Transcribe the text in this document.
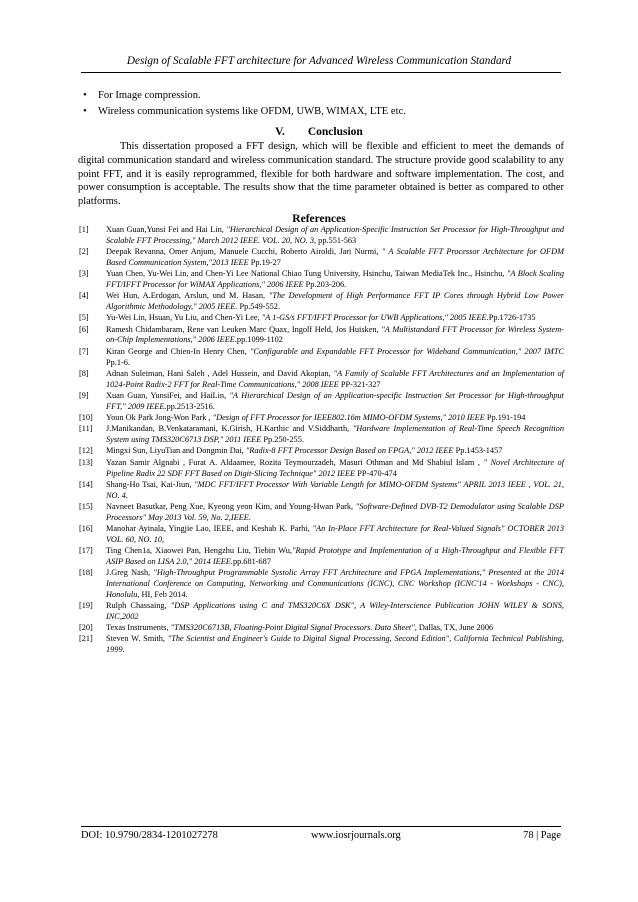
Design of Scalable FFT architecture for Advanced Wireless Communication Standard
• For Image compression.
• Wireless communication systems like OFDM, UWB, WIMAX, LTE etc.
V.        Conclusion
This dissertation proposed a FFT design, which will be flexible and efficient to meet the demands of digital communication standard and wireless communication standard. The structure provide good scalability to any point FFT, and it is easily reprogrammed, flexible for both hardware and software implementation. The cost, and power consumption is acceptable. The results show that the time parameter obtained is better as compared to other platforms.
References
[1] Xuan Guan,Yunsi Fei and Hai Lin, "Hierarchical Design of an Application-Specific Instruction Set Processor for High-Throughput and Scalable FFT Processing," March 2012 IEEE. VOL. 20, NO. 3, pp.551-563
[2] Deepak Revanna, Omer Anjum, Manuele Cucchi, Roberto Airoldi, Jari Nurmi, " A Scalable FFT Processor Architecture for OFDM Based Communication System,"2013 IEEE Pp.19-27
[3] Yuan Chen, Yu-Wei Lin, and Chen-Yi Lee National Chiao Tung University, Hsinchu, Taiwan MediaTek Inc., Hsinchu, "A Block Scaling FFT/IFFT Processor for WiMAX Applications," 2006 IEEE Pp.203-206.
[4] Wei Hun, A.Erdogan, Arslun, und M. Hasan, "The Development of High Performance FFT IP Cores through Hybrid Low Power Algorithmic Methodology," 2005 IEEE. Pp.549-552.
[5] Yu-Wei Lin, Hsuan, Yu Liu, and Chen-Yi Lee, "A 1-GS/s FFT/IFFT Processor for UWB Applications," 2005 IEEE.Pp.1726-1735
[6] Ramesh Chidambaram, Rene van Leuken Marc Quax, Ingolf Held, Jos Huisken, "A Multistandard FFT Processor for Wireless System-on-Chip Implementations," 2006 IEEE.pp.1099-1102
[7] Kiran George and Chien-In Henry Chen, "Configurable and Expandable FFT Processor for Wideband Communication," 2007 IMTC Pp.1-6.
[8] Adnan Suleiman, Hani Saleh , Adel Hussein, and David Akopian, "A Family of Scalable FFT Architectures and an Implementation of 1024-Point Radix-2 FFT for Real-Time Communications," 2008 IEEE PP-321-327
[9] Xuan Guan, YunsiFei, and HaiLin, "A Hierarchical Design of an Application-specific Instruction Set Processor for High-throughput FFT," 2009 IEEE.pp.2513-2516.
[10] Youn Ok Park Jong-Won Park , "Design of FFT Processor for IEEE802.16m MIMO-OFDM Systems," 2010 IEEE Pp.191-194
[11] J.Manikandan, B.Venkataramani, K.Girish, H.Karthic and V.Siddharth, "Hardware Implementation of Real-Time Speech Recognition System using TMS320C6713 DSP," 2011 IEEE Pp.250-255.
[12] Mingxi Sun, LiyuTian and Dongmin Dai, "Radix-8 FFT Processor Design Based on FPGA," 2012 IEEE Pp.1453-1457
[13] Yazan Samir Algnabi , Furat A. Aldaamee, Rozita Teymourzadeh, Masuri Othman and Md Shabiul Islam , " Novel Architecture of Pipeline Radix 22 SDF FFT Based on Digit-Slicing Technique" 2012 IEEE PP-470-474
[14] Shang-Ho Tsai, Kai-Jiun, "MDC FFT/IFFT Processor With Variable Length for MIMO-OFDM Systems" APRIL 2013 IEEE , VOL. 21, NO. 4.
[15] Navneet Basutkar, Peng Xue, Kyeong yeon Kim, and Young-Hwan Park, "Software-Defined DVB-T2 Demodulator using Scalable DSP Processors" May 2013 Vol. 59, No. 2,IEEE.
[16] Manohar Ayinala, Yingjie Lao, IEEE, and Keshab K. Parhi, "An In-Place FFT Architecture for Real-Valued Signals" OCTOBER 2013 VOL. 60, NO. 10,
[17] Ting Chen1a, Xiaowei Pan, Hengzhu Liu, Tiebin Wu,"Rapid Prototype and Implementation of a High-Throughput and Flexible FFT ASIP Based on LISA 2.0," 2014 IEEE.pp.681-687
[18] J.Greg Nash, "High-Throughput Programmable Systolic Array FFT Architecture and FPGA Implementations," Presented at the 2014 International Conference on Computing, Networking and Communications (ICNC), CNC Workshop (ICNC'14 - Workshops - CNC), Honolulu, HI, Feb 2014.
[19] Rulph Chassaing, "DSP Applications using C and TMS320C6X DSK", A Wiley-Interscience Publication JOHN WILEY & SONS, INC,2002
[20] Texas Instruments, "TMS320C6713B, Floating-Point Digital Signal Processors. Data Sheet", Dallas, TX, June 2006
[21] Steven W. Smith, "The Scientist and Engineer's Guide to Digital Signal Processing, Second Edition", California Technical Publishing, 1999.
DOI: 10.9790/2834-1201027278	www.iosrjournals.org	78 | Page
